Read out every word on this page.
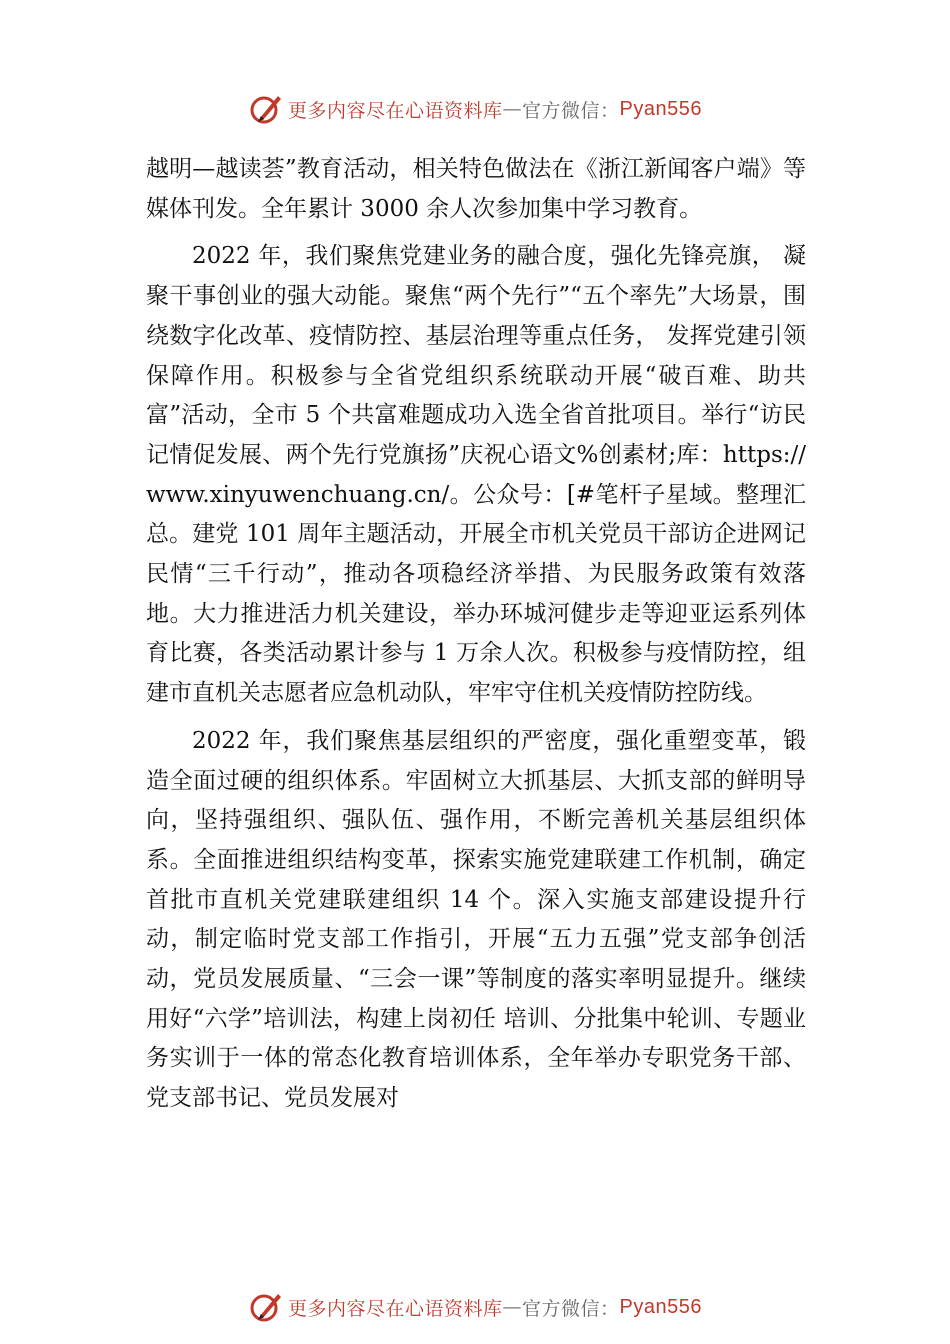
更多内容尽在心语资料库 — 官方微信： Pyan556

越明—越读荟”教育活动，相关特色做法在《浙江新闻客户端》等媒体刊发。全年累计 3000 余人次参加集中学习教育。

2022 年，我们聚焦党建业务的融合度，强化先锋亮旗， 凝聚干事创业的强大动能。聚焦“两个先行”“五个率先”大场景，围绕数字化改革、疫情防控、基层治理等重点任务， 发挥党建引领保障作用。积极参与全省党组织系统联动开展“破百难、助共富”活动，全市 5 个共富难题成功入选全省首批项目。举行“访民记情促发展、两个先行党旗扬”庆祝心语文%创素材;库：https://www.xinyuwenchuang.cn/。公众号：[#笔杆子星域。整理汇总。建党 101 周年主题活动，开展全市机关党员干部访企进网记民情“三千行动”，推动各项稳经济举措、为民服务政策有效落地。大力推进活力机关建设，举办环城河健步走等迎亚运系列体育比赛，各类活动累计参与 1 万余人次。积极参与疫情防控，组建市直机关志愿者应急机动队，牢牢守住机关疫情防控防线。

2022 年，我们聚焦基层组织的严密度，强化重塑变革，锻造全面过硬的组织体系。牢固树立大抓基层、大抓支部的鲜明导向，坚持强组织、强队伍、强作用，不断完善机关基层组织体系。全面推进组织结构变革，探索实施党建联建工作机制，确定首批市直机关党建联建组织 14 个。深入实施支部建设提升行动，制定临时党支部工作指引，开展“五力五强”党支部争创活动，党员发展质量、“三会一课”等制度的落实率明显提升。继续用好“六学”培训法，构建上岗初任 培训、分批集中轮训、专题业务实训于一体的常态化教育培训体系，全年举办专职党务干部、党支部书记、党员发展对

更多内容尽在心语资料库 — 官方微信： Pyan556
